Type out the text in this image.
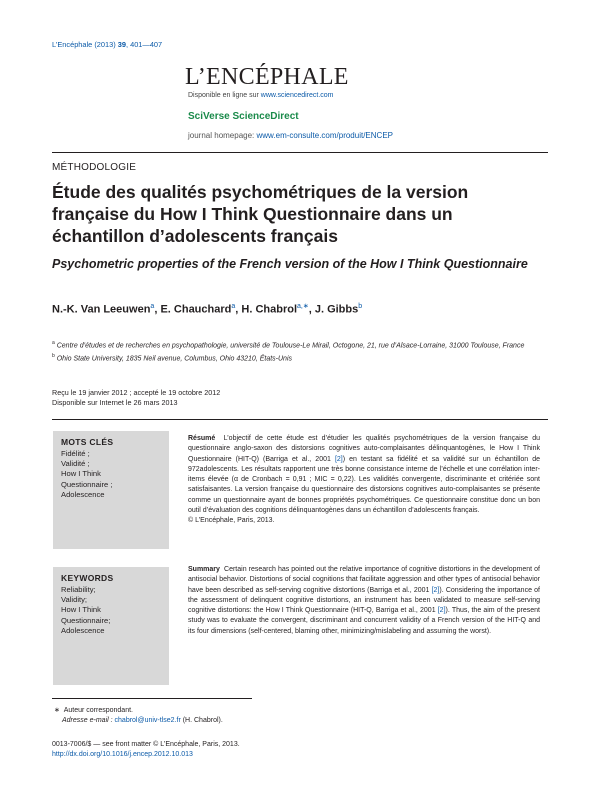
L’Encéphale (2013) 39, 401—407
L’ENCÉPHALE
Disponible en ligne sur www.sciencedirect.com
SciVerse ScienceDirect
journal homepage: www.em-consulte.com/produit/ENCEP
MÉTHODOLOGIE
Étude des qualités psychométriques de la version française du How I Think Questionnaire dans un échantillon d’adolescents français
Psychometric properties of the French version of the How I Think Questionnaire
N.-K. Van Leeuwen$^a$, E. Chauchard$^a$, H. Chabrol$^{a,∗}$, J. Gibbs$^b$
$^a$ Centre d’études et de recherches en psychopathologie, université de Toulouse-Le Mirail, Octogone, 21, rue d’Alsace-Lorraine, 31000 Toulouse, France
$^b$ Ohio State University, 1835 Neil avenue, Columbus, Ohio 43210, États-Unis
Reçu le 19 janvier 2012 ; accepté le 19 octobre 2012
Disponible sur Internet le 26 mars 2013
MOTS CLÉS
Fidélité ;
Validité ;
How I Think
Questionnaire ;
Adolescence
Résumé L’objectif de cette étude est d’étudier les qualités psychométriques de la version française du questionnaire anglo-saxon des distorsions cognitives auto-complaisantes délinquantogènes, le How I Think Questionnaire (HIT-Q) (Barriga et al., 2001 [2]) en testant sa fidélité et sa validité sur un échantillon de 972adolescents. Les résultats rapportent une très bonne consistance interne de l’échelle et une corrélation inter-items élevée (α de Cronbach = 0,91 ; MIC = 0,22). Les validités convergente, discriminante et critériée sont satisfaisantes. La version française du questionnaire des distorsions cognitives auto-complaisantes se présente comme un questionnaire ayant de bonnes propriétés psychométriques. Ce questionnaire constitue donc un bon outil d’évaluation des cognitions délinquantogènes dans un échantillon d’adolescents français.
© L’Encéphale, Paris, 2013.
KEYWORDS
Reliability;
Validity;
How I Think
Questionnaire;
Adolescence
Summary Certain research has pointed out the relative importance of cognitive distortions in the development of antisocial behavior. Distortions of social cognitions that facilitate aggression and other types of antisocial behavior have been described as self-serving cognitive distortions (Barriga et al., 2001 [2]). Considering the importance of the assessment of delinquent cognitive distortions, an instrument has been validated to measure self-serving cognitive distortions: the How I Think Questionnaire (HIT-Q, Barriga et al., 2001 [2]). Thus, the aim of the present study was to evaluate the convergent, discriminant and concurrent validity of a French version of the HIT-Q and its four dimensions (self-centered, blaming other, minimizing/mislabeling and assuming the worst).
∗ Auteur correspondant.
Adresse e-mail : chabrol@univ-tlse2.fr (H. Chabrol).
0013-7006/$ — see front matter © L’Encéphale, Paris, 2013.
http://dx.doi.org/10.1016/j.encep.2012.10.013
